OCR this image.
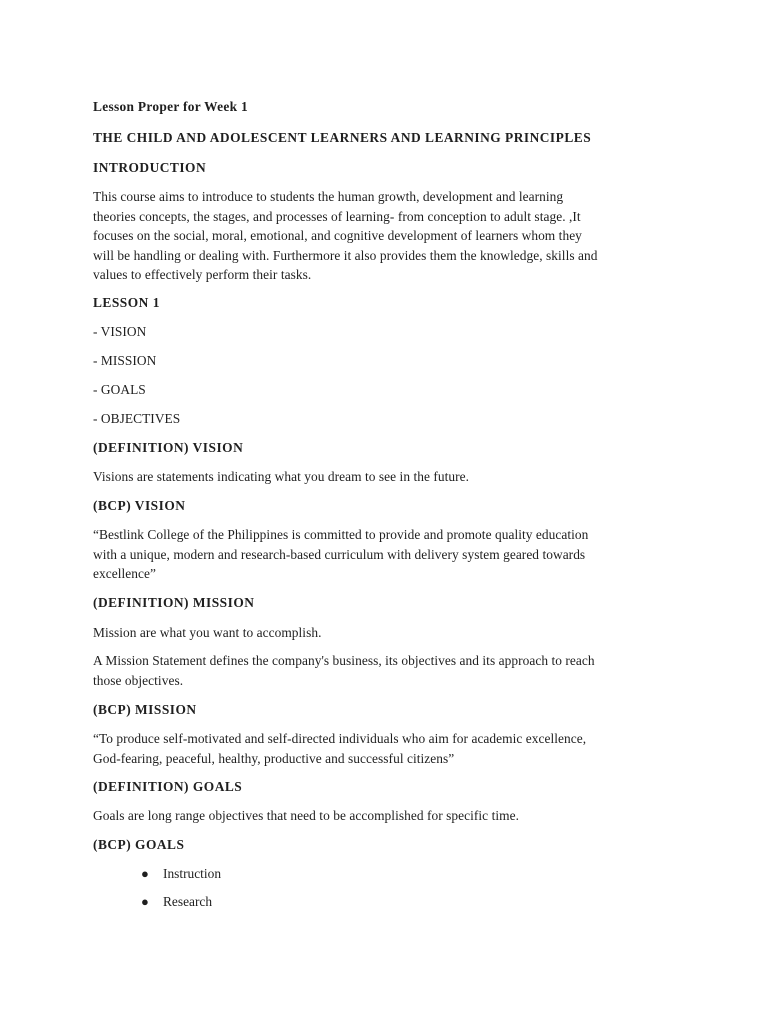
Lesson Proper for Week 1

THE CHILD AND ADOLESCENT LEARNERS AND LEARNING PRINCIPLES

INTRODUCTION

This course aims to introduce to students the human growth, development and learning

theories concepts, the stages, and processes of learning- from conception to adult stage. ,It

focuses on the social, moral, emotional, and cognitive development of learners whom they

will be handling or dealing with. Furthermore it also provides them the knowledge, skills and

values to effectively perform their tasks.

LESSON 1

- VISION

- MISSION

- GOALS

- OBJECTIVES

(DEFINITION) VISION

Visions are statements indicating what you dream to see in the future.

(BCP) VISION

“Bestlink College of the Philippines is committed to provide and promote quality education

with a unique, modern and research-based curriculum with delivery system geared towards

excellence”

(DEFINITION) MISSION

Mission are what you want to accomplish.

A Mission Statement defines the company's business, its objectives and its approach to reach

those objectives.

(BCP) MISSION

“To produce self-motivated and self-directed individuals who aim for academic excellence,

God-fearing, peaceful, healthy, productive and successful citizens”

(DEFINITION) GOALS

Goals are long range objectives that need to be accomplished for specific time.

(BCP) GOALS

● Instruction
● Research
